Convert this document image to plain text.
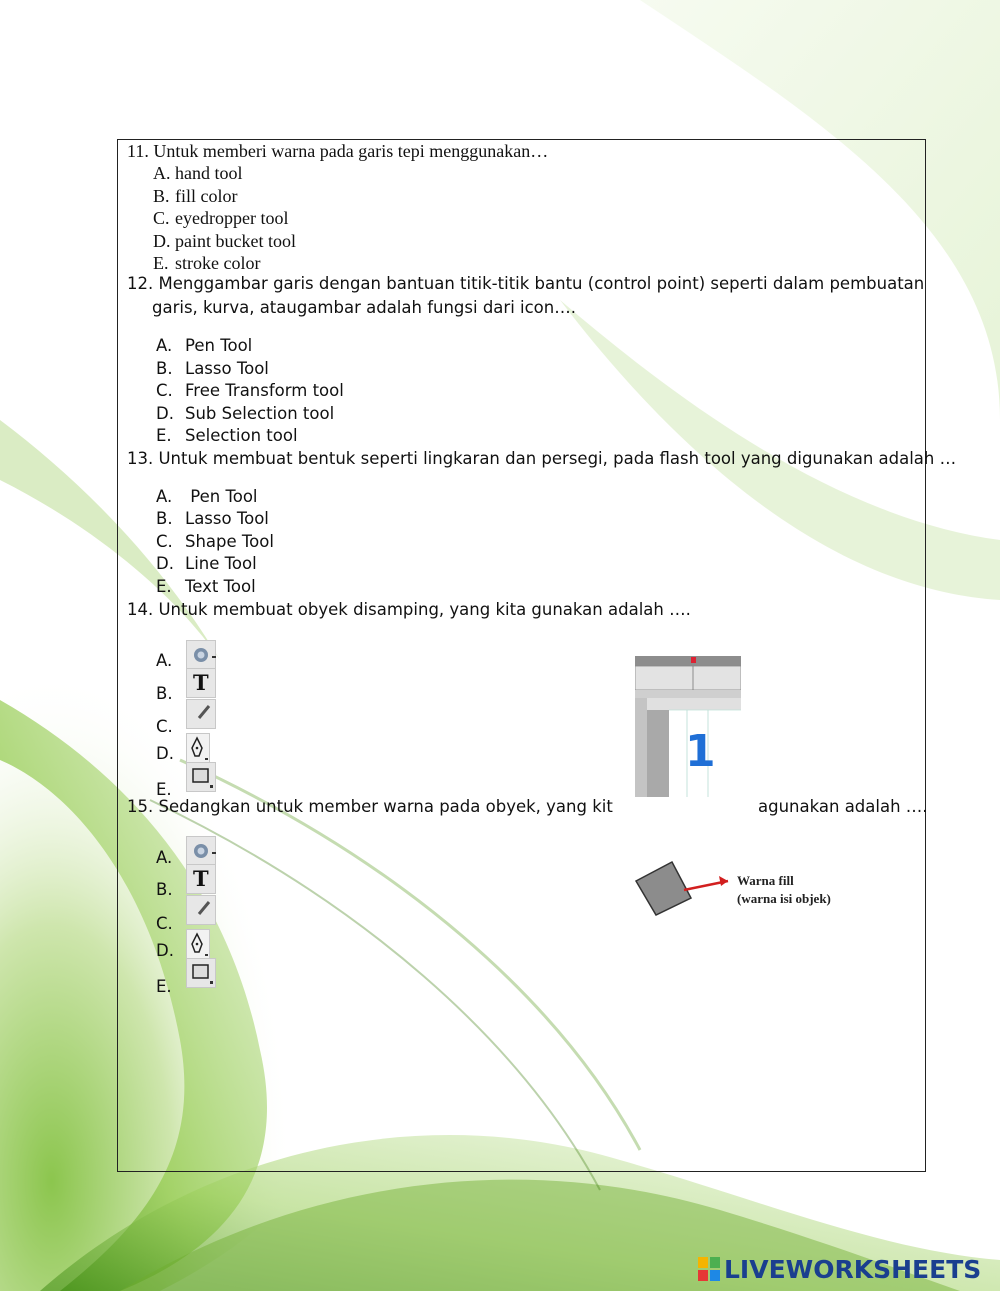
11. Untuk memberi warna pada garis tepi menggunakan…
A. hand tool
B. fill color
C. eyedropper tool
D. paint bucket tool
E. stroke color
12. Menggambar garis dengan bantuan titik-titik bantu (control point) seperti dalam pembuatan
garis, kurva, ataugambar adalah fungsi dari icon….
A. Pen Tool
B. Lasso Tool
C. Free Transform tool
D. Sub Selection tool
E. Selection tool
13. Untuk membuat bentuk seperti lingkaran dan persegi, pada flash tool yang digunakan adalah …
A. Pen Tool
B. Lasso Tool
C. Shape Tool
D. Line Tool
E. Text Tool
14. Untuk membuat obyek disamping, yang kita gunakan adalah ….
A.
B.
C.
D.
E.
T
1
15. Sedangkan untuk member warna pada obyek, yang kit	agunakan adalah ….
A.
B.
C.
D.
E.
T	Warna fill
(warna isi objek)
LIVEWORKSHEETS
